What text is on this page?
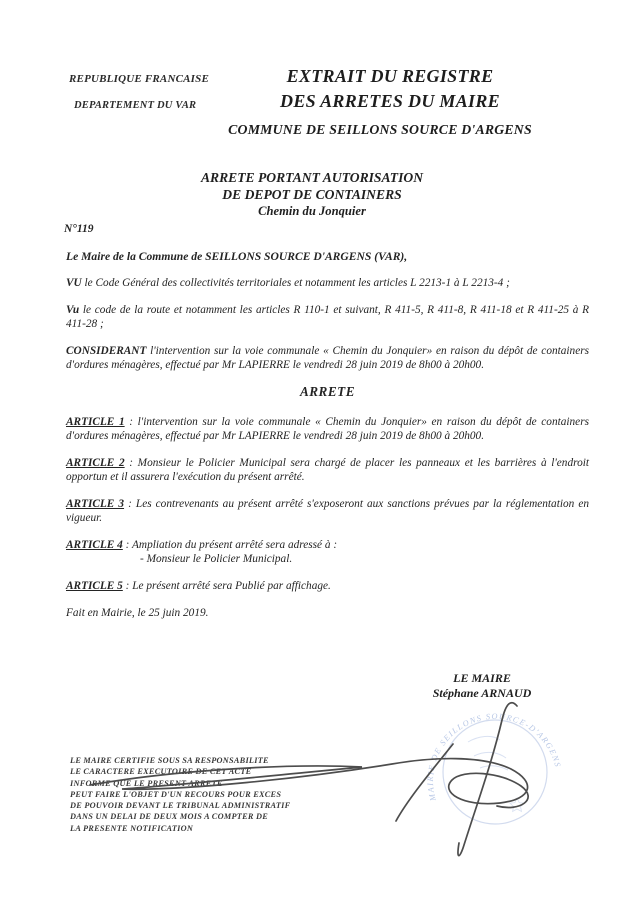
REPUBLIQUE FRANCAISE
DEPARTEMENT DU VAR
EXTRAIT DU REGISTRE
DES ARRETES DU MAIRE
COMMUNE DE SEILLONS SOURCE D'ARGENS
ARRETE PORTANT AUTORISATION
DE DEPOT DE CONTAINERS
Chemin du Jonquier
N°119

Le Maire de la Commune de SEILLONS SOURCE D'ARGENS (VAR),

VU le Code Général des collectivités territoriales et notamment les articles L 2213-1 à L 2213-4 ;

Vu le code de la route et notamment les articles R 110-1 et suivant, R 411-5, R 411-8, R 411-18 et R 411-25 à R 411-28 ;

CONSIDERANT l'intervention sur la voie communale « Chemin du Jonquier» en raison du dépôt de containers d'ordures ménagères, effectué par Mr LAPIERRE le vendredi 28 juin 2019 de 8h00 à 20h00.

ARRETE

ARTICLE 1 : l'intervention sur la voie communale « Chemin du Jonquier» en raison du dépôt de containers d'ordures ménagères, effectué par Mr LAPIERRE le vendredi 28 juin 2019 de 8h00 à 20h00.

ARTICLE 2 : Monsieur le Policier Municipal sera chargé de placer les panneaux et les barrières à l'endroit opportun et il assurera l'exécution du présent arrêté.

ARTICLE 3 : Les contrevenants au présent arrêté s'exposeront aux sanctions prévues par la réglementation en vigueur.

ARTICLE 4 : Ampliation du présent arrêté sera adressé à :
- Monsieur le Policier Municipal.

ARTICLE 5 : Le présent arrêté sera Publié par affichage.

Fait en Mairie, le 25 juin 2019.

LE MAIRE
Stéphane ARNAUD
LE MAIRE CERTIFIE SOUS SA RESPONSABILITE
LE CARACTERE EXECUTOIRE DE CET ACTE
INFORME QUE LE PRESENT ARRETE
PEUT FAIRE L'OBJET D'UN RECOURS POUR EXCES
DE POUVOIR DEVANT LE TRIBUNAL ADMINISTRATIF
DANS UN DELAI DE DEUX MOIS A COMPTER DE
LA PRESENTE NOTIFICATION
MAIRIE DE SEILLONS SOURCE-D'ARGENS
